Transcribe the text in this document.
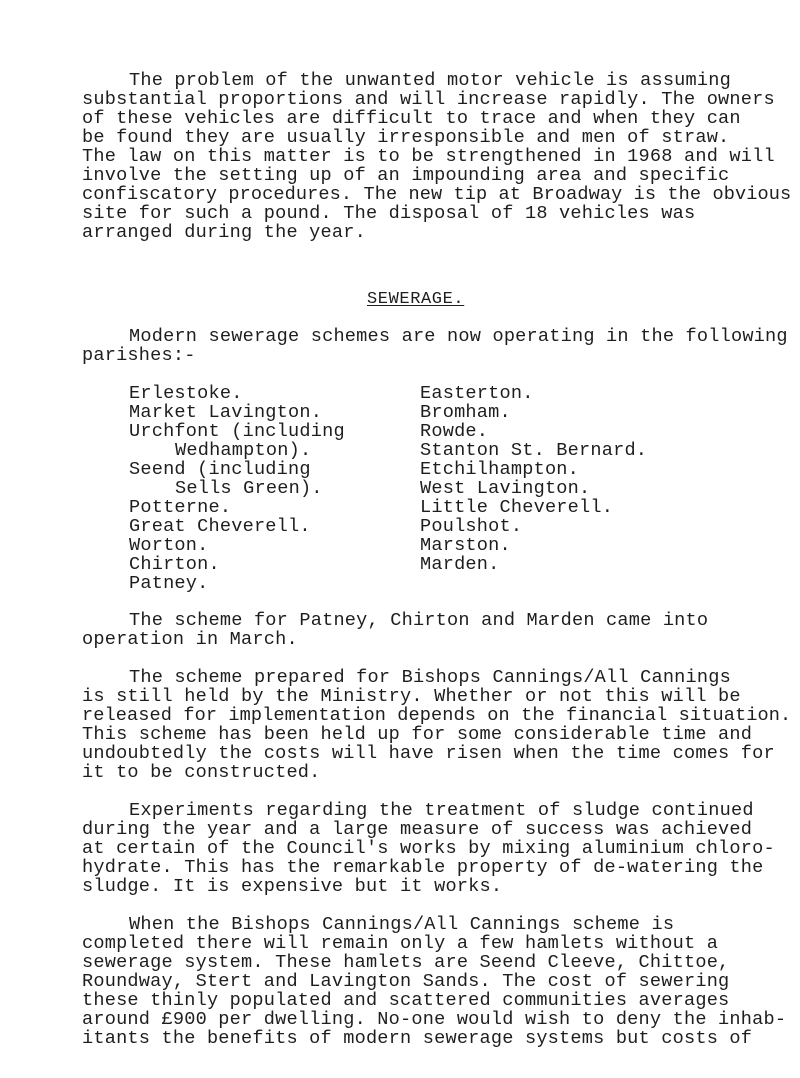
The problem of the unwanted motor vehicle is assuming
substantial proportions and will increase rapidly. The owners
of these vehicles are difficult to trace and when they can
be found they are usually irresponsible and men of straw.
The law on this matter is to be strengthened in 1968 and will
involve the setting up of an impounding area and specific
confiscatory procedures. The new tip at Broadway is the obvious
site for such a pound. The disposal of 18 vehicles was
arranged during the year.
SEWERAGE.
Modern sewerage schemes are now operating in the following
parishes:-
Erlestoke.
Market Lavington.
Urchfont (including
Wedhampton).
Seend (including
Sells Green).
Potterne.
Great Cheverell.
Worton.
Chirton.
Patney.
Easterton.
Bromham.
Rowde.
Stanton St. Bernard.
Etchilhampton.
West Lavington.
Little Cheverell.
Poulshot.
Marston.
Marden.
The scheme for Patney, Chirton and Marden came into
operation in March.
The scheme prepared for Bishops Cannings/All Cannings
is still held by the Ministry. Whether or not this will be
released for implementation depends on the financial situation.
This scheme has been held up for some considerable time and
undoubtedly the costs will have risen when the time comes for
it to be constructed.
Experiments regarding the treatment of sludge continued
during the year and a large measure of success was achieved
at certain of the Council's works by mixing aluminium chloro-
hydrate. This has the remarkable property of de-watering the
sludge. It is expensive but it works.
When the Bishops Cannings/All Cannings scheme is
completed there will remain only a few hamlets without a
sewerage system. These hamlets are Seend Cleeve, Chittoe,
Roundway, Stert and Lavington Sands. The cost of sewering
these thinly populated and scattered communities averages
around £900 per dwelling. No-one would wish to deny the inhab-
itants the benefits of modern sewerage systems but costs of
